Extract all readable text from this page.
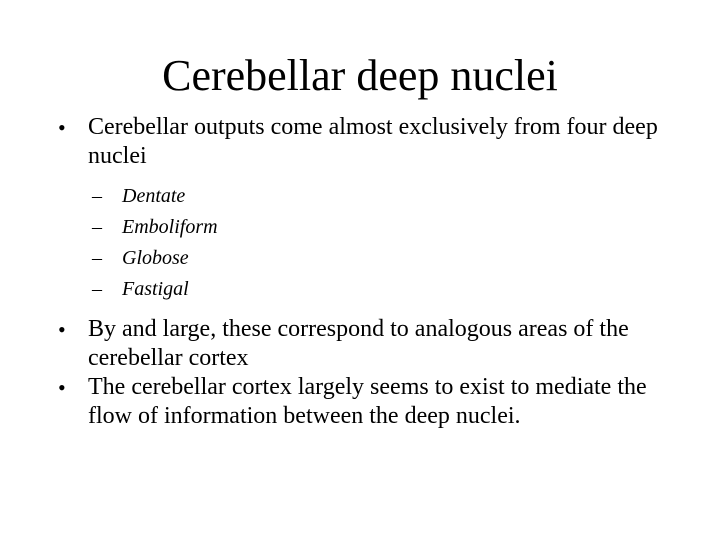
Cerebellar deep nuclei
• Cerebellar outputs come almost exclusively from four deep nuclei
– Dentate
– Emboliform
– Globose
– Fastigal
• By and large, these correspond to analogous areas of the cerebellar cortex
• The cerebellar cortex largely seems to exist to mediate the flow of information between the deep nuclei.
